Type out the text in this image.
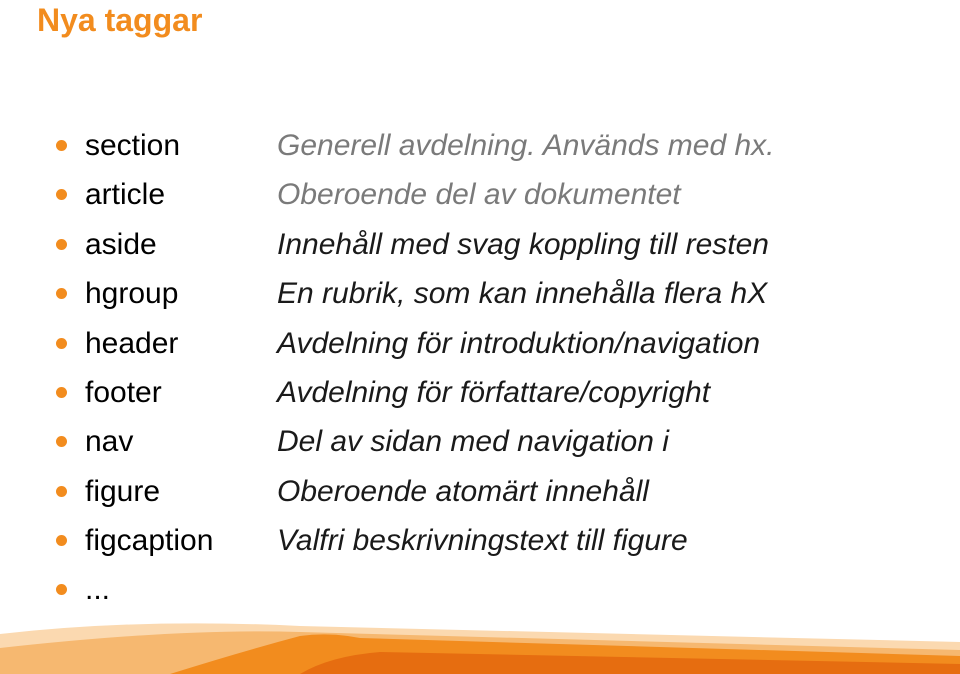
Nya taggar
section	Generell avdelning. Används med hx.
article	Oberoende del av dokumentet
aside	Innehåll med svag koppling till resten
hgroup	En rubrik, som kan innehålla flera hX
header	Avdelning för introduktion/navigation
footer	Avdelning för författare/copyright
nav	Del av sidan med navigation i
figure	Oberoende atomärt innehåll
figcaption Valfri beskrivningstext till figure
...
